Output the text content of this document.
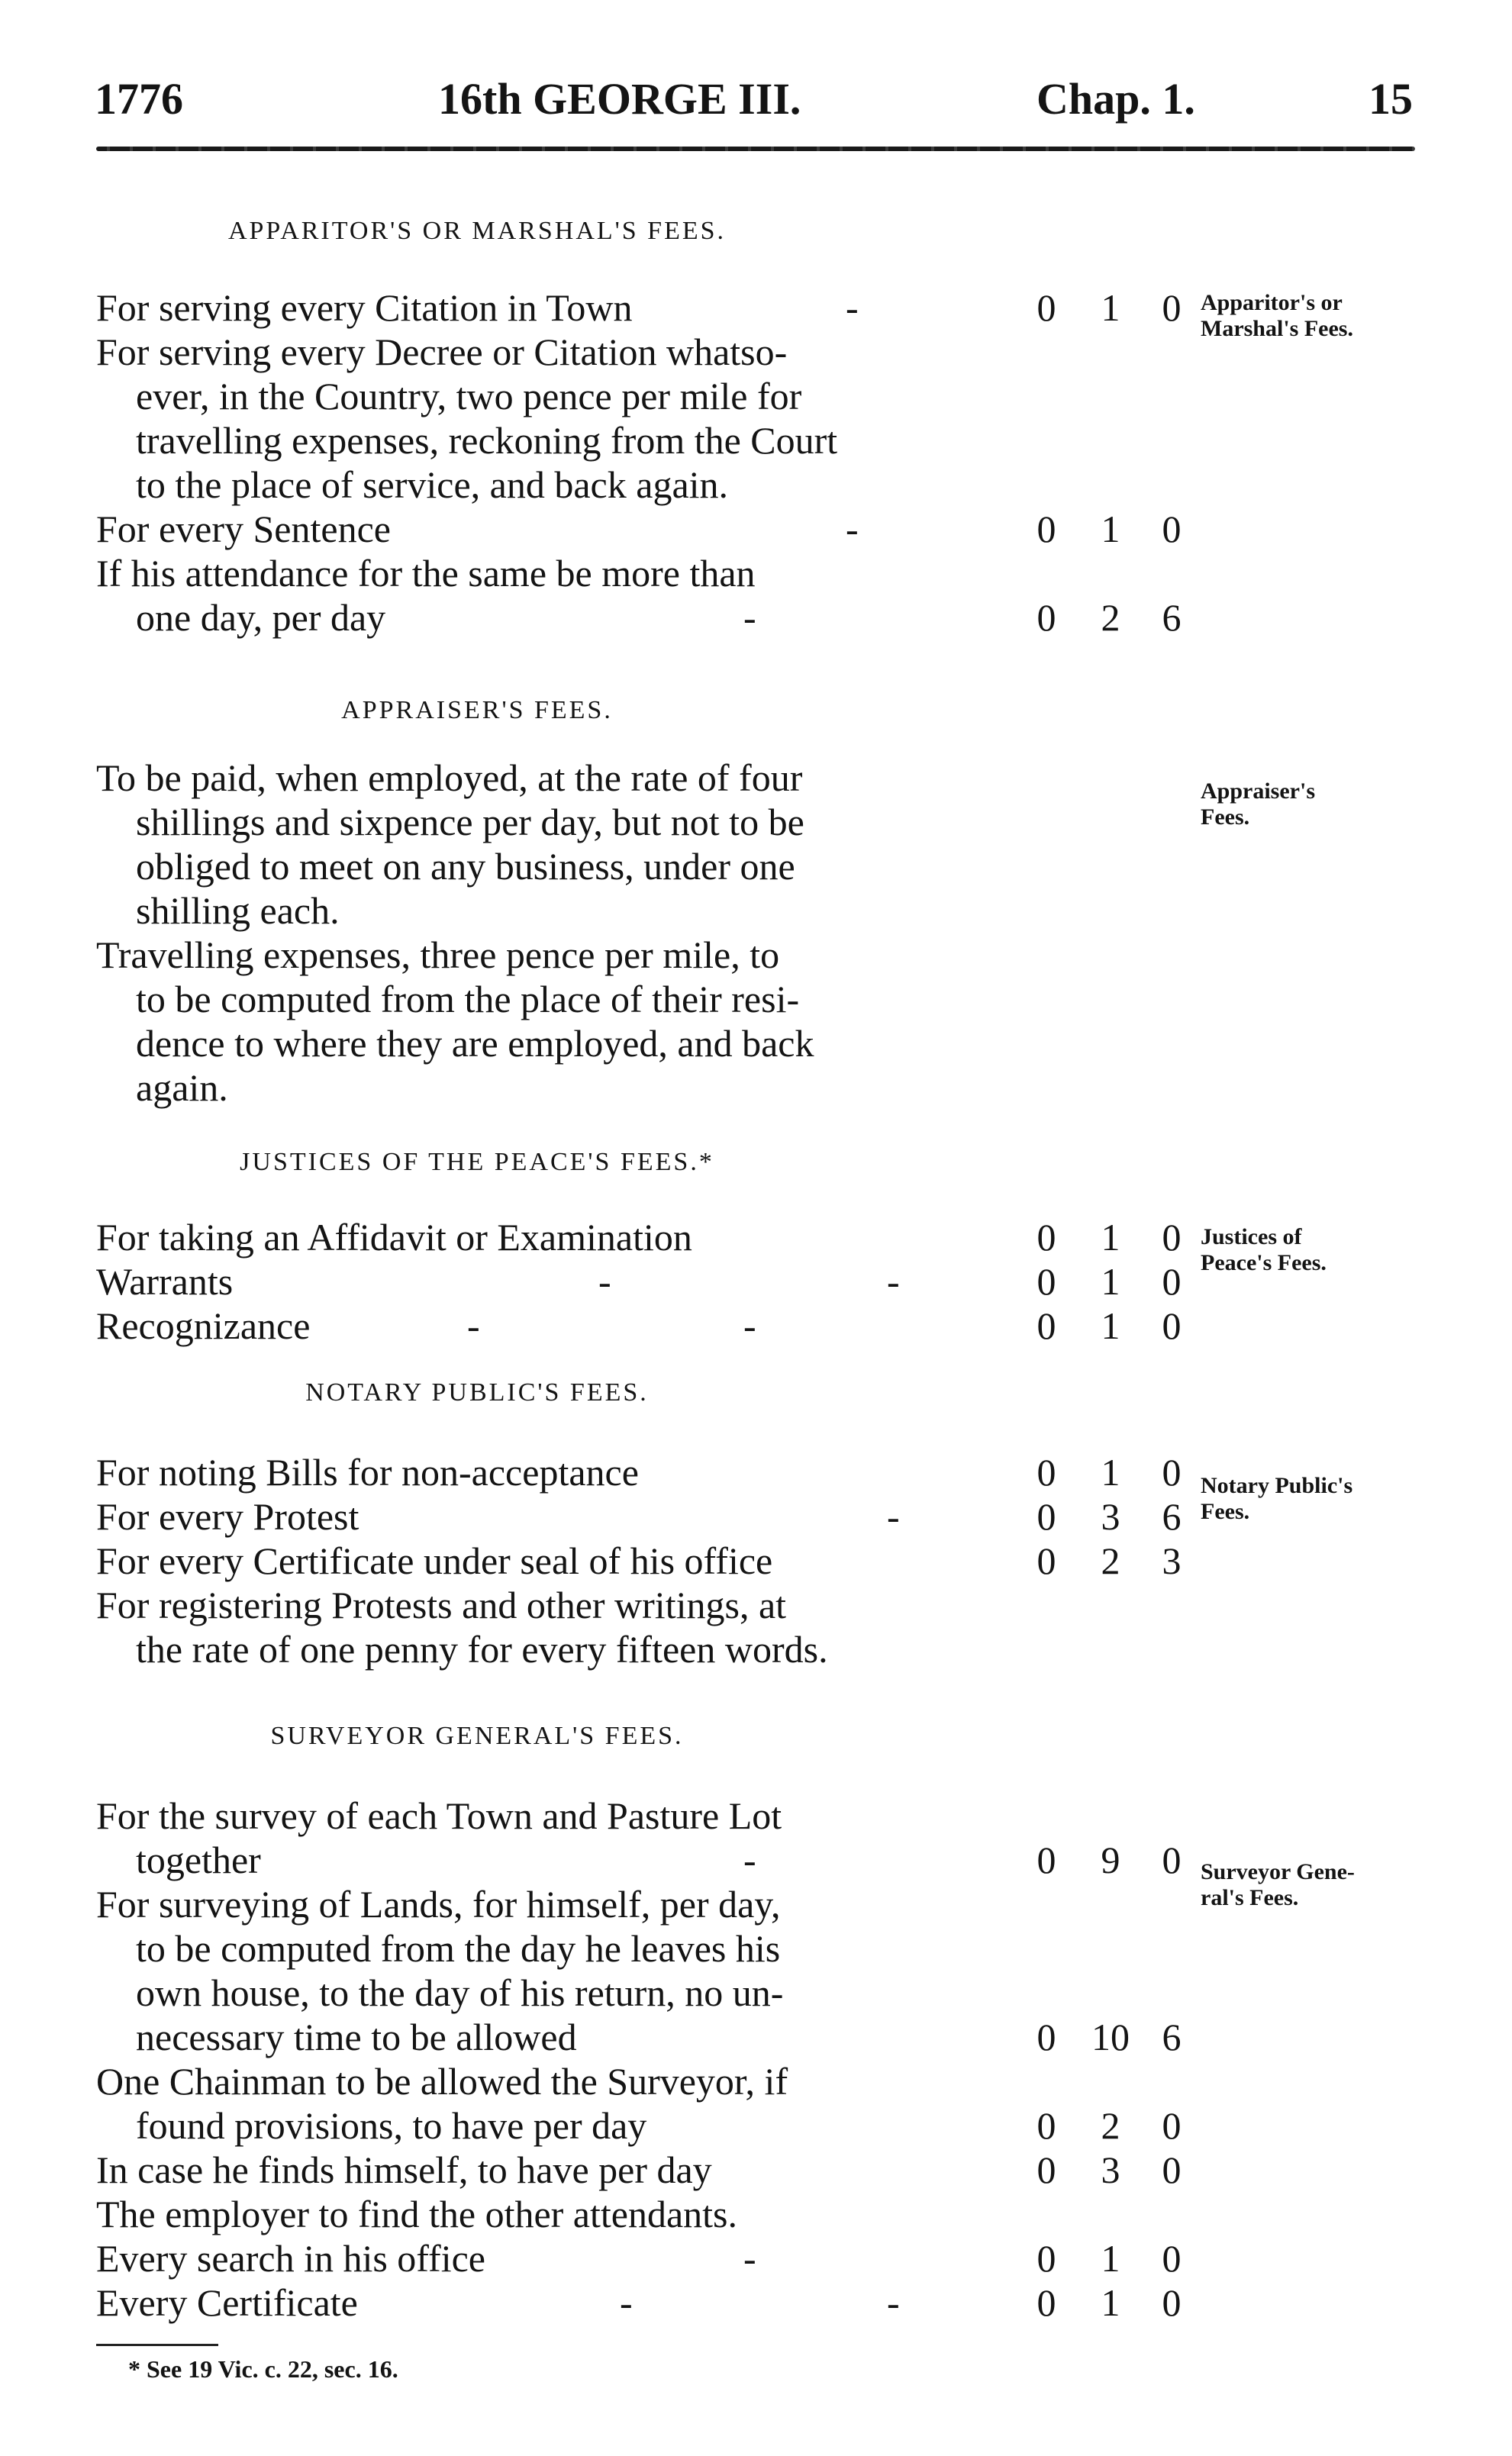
1776	16th GEORGE III.	Chap. 1.	15
APPARITOR'S OR MARSHAL'S FEES.
Apparitor's or
Marshal's Fees.
For serving every Citation in Town	-	0 1 0
For serving every Decree or Citation whatso-
ever, in the Country, two pence per mile for
travelling expenses, reckoning from the Court
to the place of service, and back again.
For every Sentence	-	0 1 0
If his attendance for the same be more than
one day, per day	-	0 2 6
APPRAISER'S FEES.
Appraiser's
Fees.
To be paid, when employed, at the rate of four
shillings and sixpence per day, but not to be
obliged to meet on any business, under one
shilling each.
Travelling expenses, three pence per mile, to
to be computed from the place of their resi-
dence to where they are employed, and back
again.
JUSTICES OF THE PEACE'S FEES.*
Justices of
Peace's Fees.
For taking an Affidavit or Examination	0 1 0
Warrants	-	-	0 1 0
Recognizance	-	-	0 1 0
NOTARY PUBLIC'S FEES.
Notary Public's
Fees.
For noting Bills for non-acceptance	0 1 0
For every Protest	-	0 3 6
For every Certificate under seal of his office	0 2 3
For registering Protests and other writings, at
the rate of one penny for every fifteen words.
SURVEYOR GENERAL'S FEES.
Surveyor Gene-
ral's Fees.
For the survey of each Town and Pasture Lot
together	-	0 9 0
For surveying of Lands, for himself, per day,
to be computed from the day he leaves his
own house, to the day of his return, no un-
necessary time to be allowed	0 10 6
One Chainman to be allowed the Surveyor, if
found provisions, to have per day	0 2 0
In case he finds himself, to have per day	0 3 0
The employer to find the other attendants.
Every search in his office	-	0 1 0
Every Certificate	-	-	0 1 0
* See 19 Vic. c. 22, sec. 16.
